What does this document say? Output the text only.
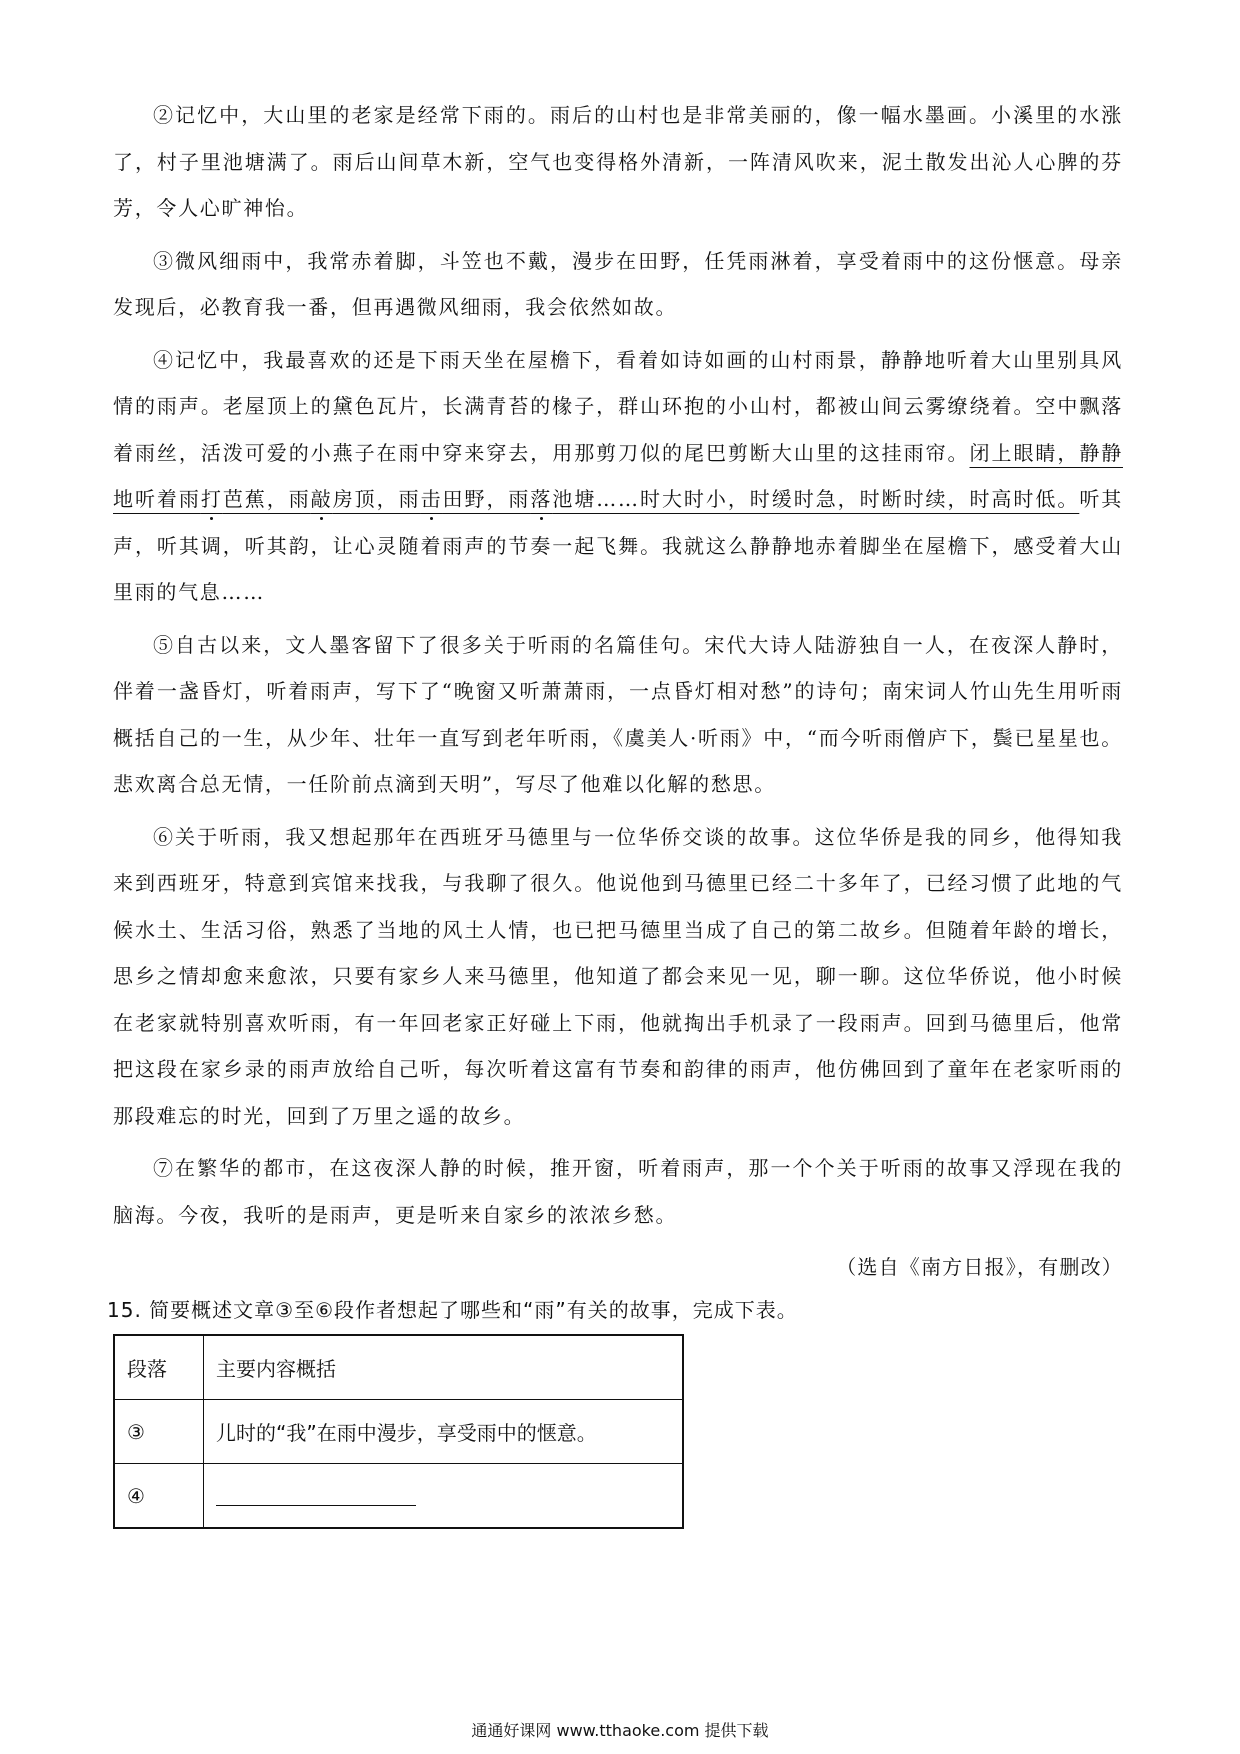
②记忆中，大山里的老家是经常下雨的。雨后的山村也是非常美丽的，像一幅水墨画。小溪里的水涨了，村子里池塘满了。雨后山间草木新，空气也变得格外清新，一阵清风吹来，泥土散发出沁人心脾的芬芳，令人心旷神怡。

③微风细雨中，我常赤着脚，斗笠也不戴，漫步在田野，任凭雨淋着，享受着雨中的这份惬意。母亲发现后，必教育我一番，但再遇微风细雨，我会依然如故。

④记忆中，我最喜欢的还是下雨天坐在屋檐下，看着如诗如画的山村雨景，静静地听着大山里别具风情的雨声。老屋顶上的黛色瓦片，长满青苔的椽子，群山环抱的小山村，都被山间云雾缭绕着。空中飘落着雨丝，活泼可爱的小燕子在雨中穿来穿去，用那剪刀似的尾巴剪断大山里的这挂雨帘。闭上眼睛，静静地听着雨打芭蕉，雨敲房顶，雨击田野，雨落池塘……时大时小，时缓时急，时断时续，时高时低。听其声，听其调，听其韵，让心灵随着雨声的节奏一起飞舞。我就这么静静地赤着脚坐在屋檐下，感受着大山里雨的气息……

⑤自古以来，文人墨客留下了很多关于听雨的名篇佳句。宋代大诗人陆游独自一人，在夜深人静时，伴着一盏昏灯，听着雨声，写下了“晚窗又听萧萧雨，一点昏灯相对愁”的诗句；南宋词人竹山先生用听雨概括自己的一生，从少年、壮年一直写到老年听雨，《虞美人·听雨》中，“而今听雨僧庐下，鬓已星星也。悲欢离合总无情，一任阶前点滴到天明”，写尽了他难以化解的愁思。

⑥关于听雨，我又想起那年在西班牙马德里与一位华侨交谈的故事。这位华侨是我的同乡，他得知我来到西班牙，特意到宾馆来找我，与我聊了很久。他说他到马德里已经二十多年了，已经习惯了此地的气候水土、生活习俗，熟悉了当地的风土人情，也已把马德里当成了自己的第二故乡。但随着年龄的增长，思乡之情却愈来愈浓，只要有家乡人来马德里，他知道了都会来见一见，聊一聊。这位华侨说，他小时候在老家就特别喜欢听雨，有一年回老家正好碰上下雨，他就掏出手机录了一段雨声。回到马德里后，他常把这段在家乡录的雨声放给自己听，每次听着这富有节奏和韵律的雨声，他仿佛回到了童年在老家听雨的那段难忘的时光，回到了万里之遥的故乡。

⑦在繁华的都市，在这夜深人静的时候，推开窗，听着雨声，那一个个关于听雨的故事又浮现在我的脑海。今夜，我听的是雨声，更是听来自家乡的浓浓乡愁。

（选自《南方日报》，有删改）

15. 简要概述文章③至⑥段作者想起了哪些和“雨”有关的故事，完成下表。

段落	主要内容概括
③	儿时的“我”在雨中漫步，享受雨中的惬意。
④	
通通好课网 www.tthaoke.com 提供下载
